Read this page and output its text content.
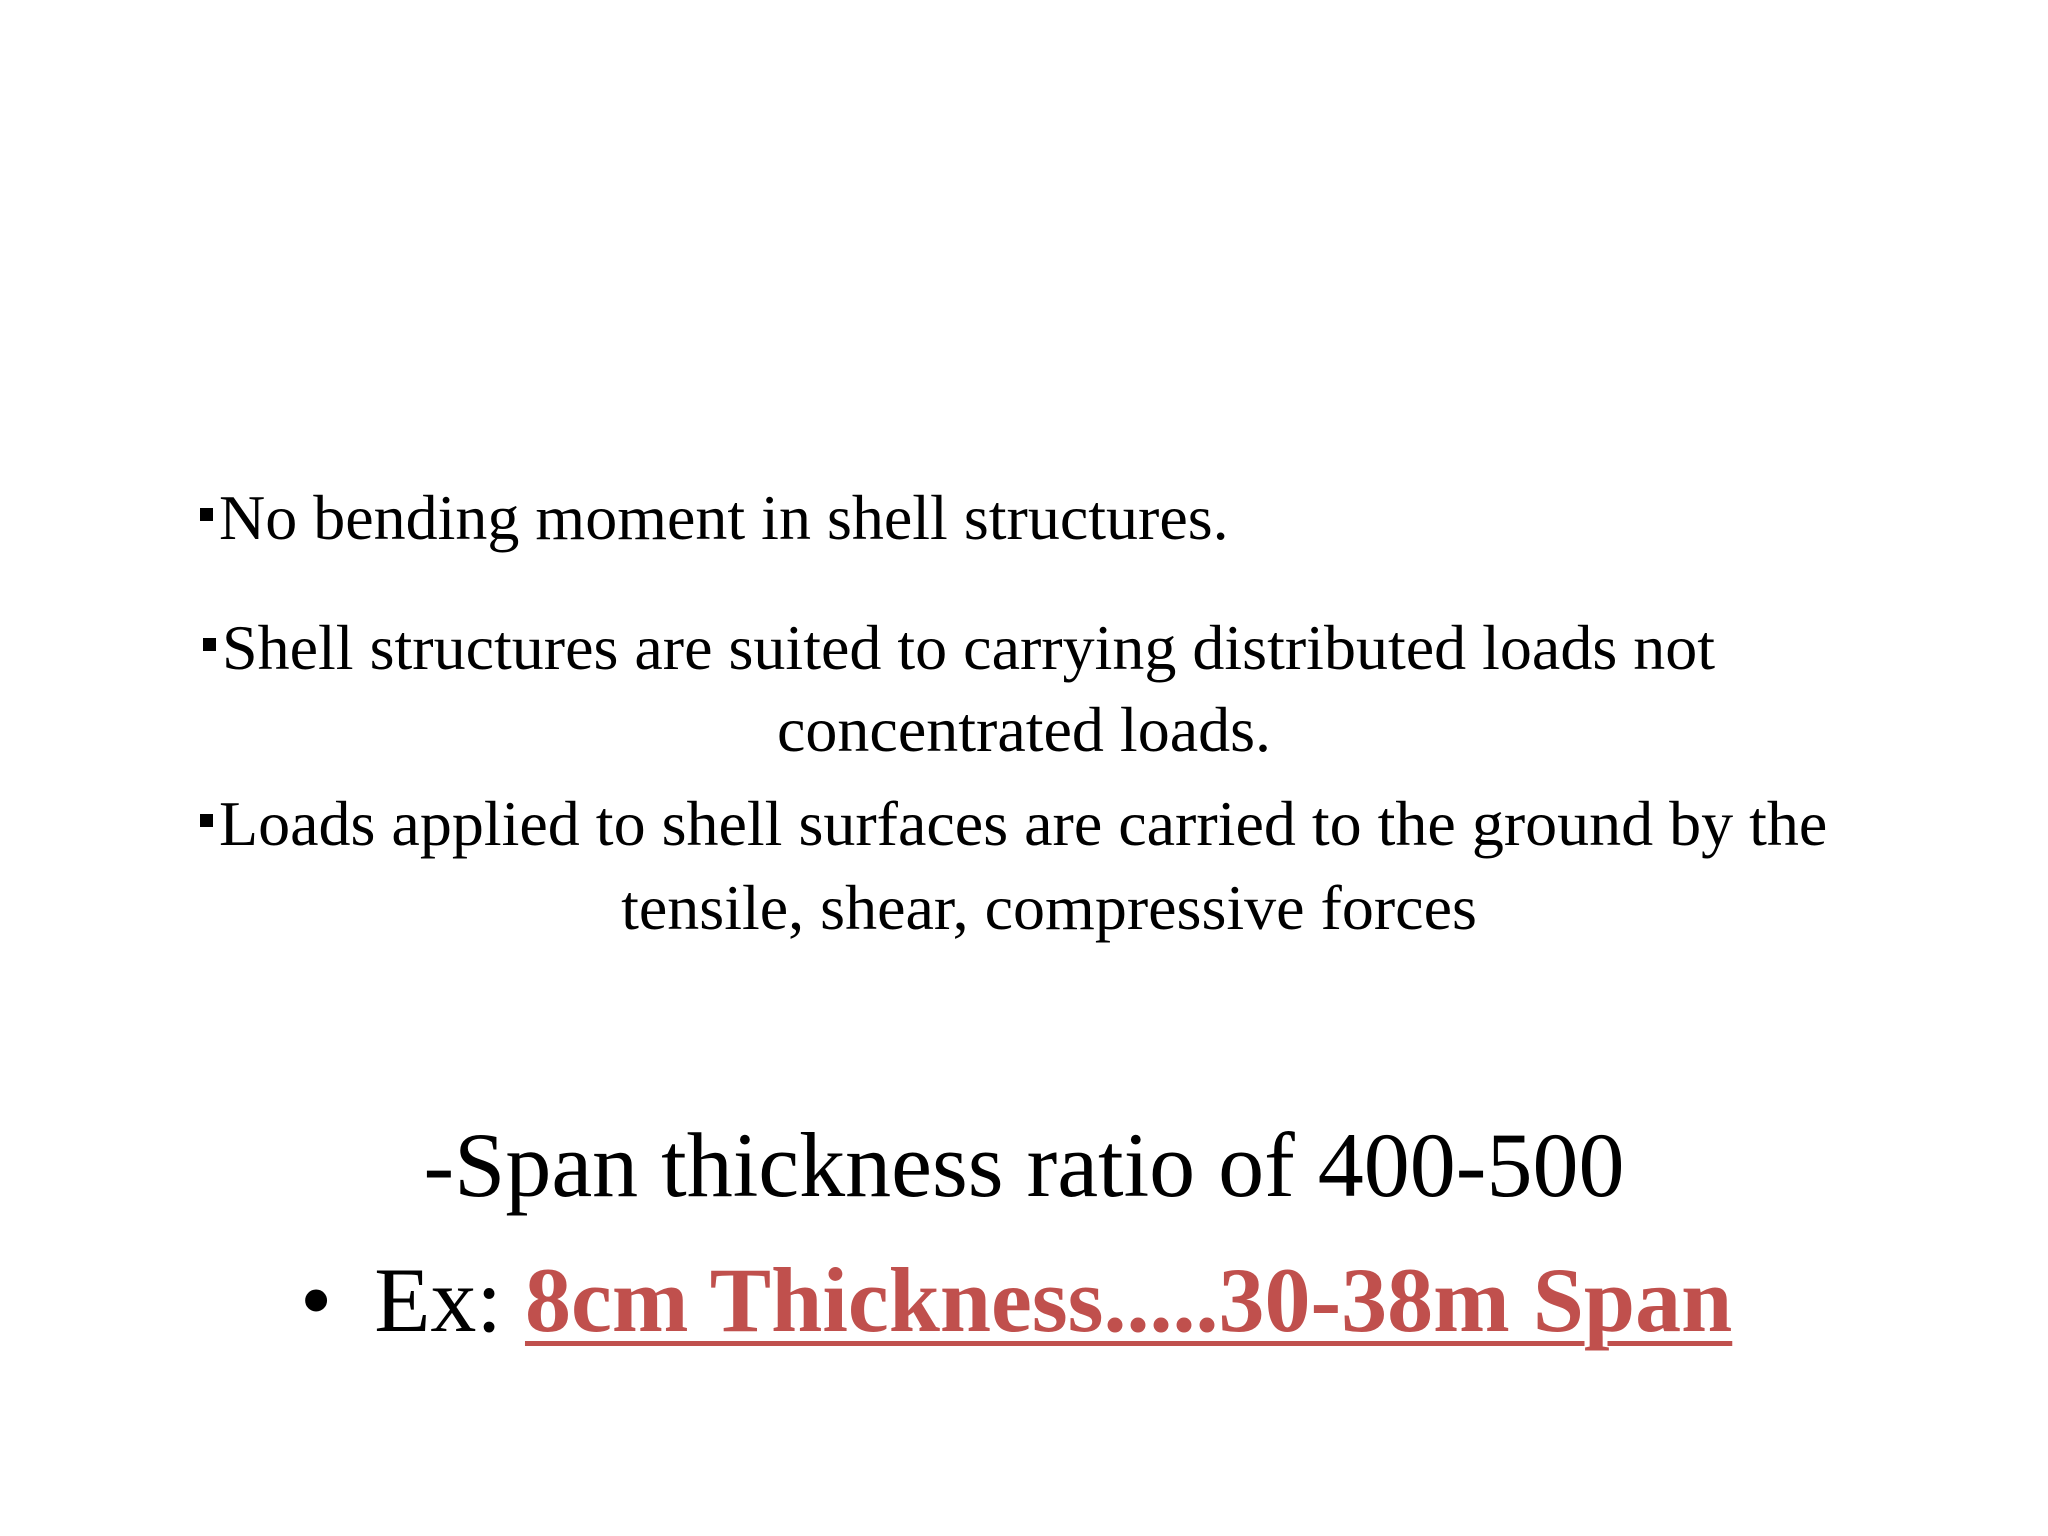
No bending moment in shell structures.
Shell structures are suited to carrying distributed loads not
concentrated loads.
Loads applied to shell surfaces are carried to the ground by the
tensile, shear, compressive forces
-Span thickness ratio of 400-500
• Ex: 8cm Thickness.....30-38m Span
